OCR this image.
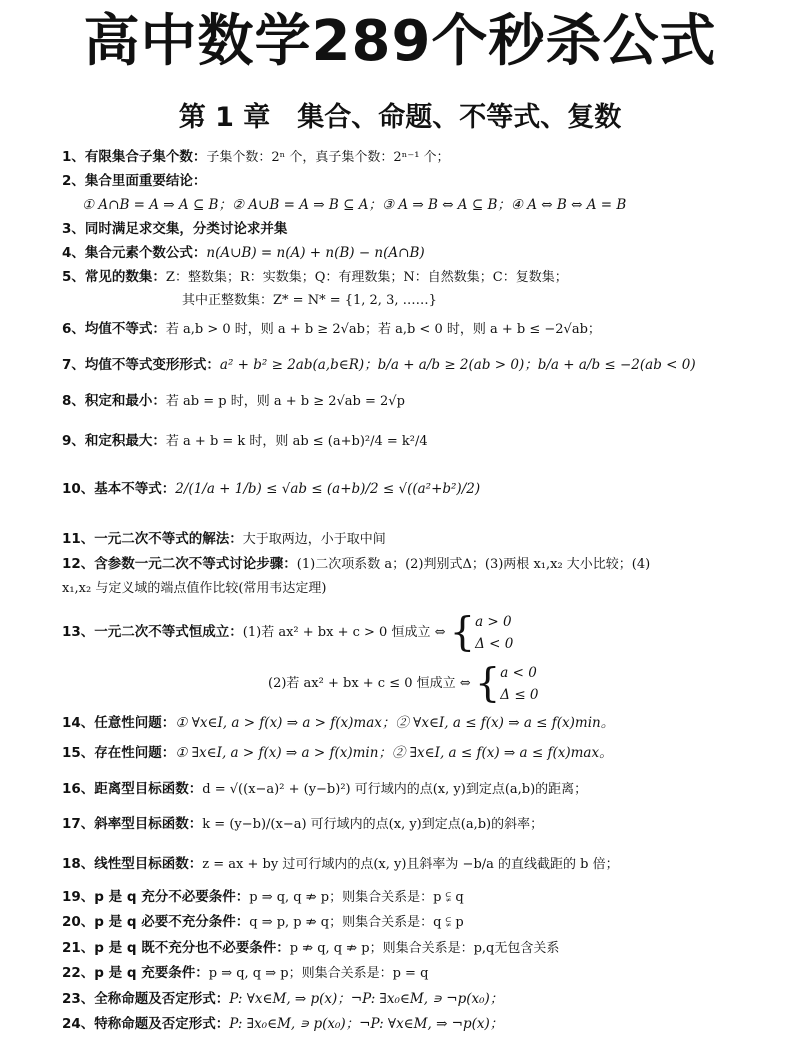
高中数学289个秒杀公式
第 1 章　集合、命题、不等式、复数
1、有限集合子集个数：子集个数：2ⁿ 个，真子集个数：2ⁿ⁻¹ 个；
2、集合里面重要结论：
① A∩B = A ⇒ A ⊆ B；② A∪B = A ⇒ B ⊆ A；③ A ⇒ B ⇔ A ⊆ B；④ A ⇔ B ⇔ A = B
3、同时满足求交集，分类讨论求并集
4、集合元素个数公式：n(A∪B) = n(A) + n(B) − n(A∩B)
5、常见的数集：Z：整数集；R：实数集；Q：有理数集；N：自然数集；C：复数集；
其中正整数集：Z* = N* = {1, 2, 3, ……}
6、均值不等式：若 a,b > 0 时，则 a + b ≥ 2√ab；若 a,b < 0 时，则 a + b ≤ −2√ab；
7、均值不等式变形形式：a² + b² ≥ 2ab(a,b∈R)；b/a + a/b ≥ 2(ab > 0)；b/a + a/b ≤ −2(ab < 0)
8、积定和最小：若 ab = p 时，则 a + b ≥ 2√ab = 2√p
9、和定积最大：若 a + b = k 时，则 ab ≤ (a+b)²/4 = k²/4
10、基本不等式：2/(1/a + 1/b) ≤ √ab ≤ (a+b)/2 ≤ √((a²+b²)/2)
11、一元二次不等式的解法：大于取两边，小于取中间
12、含参数一元二次不等式讨论步骤：(1)二次项系数 a；(2)判别式Δ；(3)两根 x₁,x₂ 大小比较；(4)
x₁,x₂ 与定义域的端点值作比较(常用韦达定理)
13、一元二次不等式恒成立：(1)若 ax² + bx + c > 0 恒成立 ⇔ { a > 0
Δ < 0
(2)若 ax² + bx + c ≤ 0 恒成立 ⇔ { a < 0
Δ ≤ 0
14、任意性问题：① ∀x∈I, a > f(x) ⇒ a > f(x)max；② ∀x∈I, a ≤ f(x) ⇒ a ≤ f(x)min。
15、存在性问题：① ∃x∈I, a > f(x) ⇒ a > f(x)min；② ∃x∈I, a ≤ f(x) ⇒ a ≤ f(x)max。
16、距离型目标函数：d = √((x−a)² + (y−b)²) 可行域内的点(x, y)到定点(a,b)的距离；
17、斜率型目标函数：k = (y−b)/(x−a) 可行域内的点(x, y)到定点(a,b)的斜率；
18、线性型目标函数：z = ax + by 过可行域内的点(x, y)且斜率为 −b/a 的直线截距的 b 倍；
19、p 是 q 充分不必要条件：p ⇒ q, q ⇏ p；则集合关系是：p ⫋ q
20、p 是 q 必要不充分条件：q ⇒ p, p ⇏ q；则集合关系是：q ⫋ p
21、p 是 q 既不充分也不必要条件：p ⇏ q, q ⇏ p；则集合关系是：p,q无包含关系
22、p 是 q 充要条件：p ⇒ q, q ⇒ p；则集合关系是：p = q
23、全称命题及否定形式：P: ∀x∈M, ⇒ p(x)；¬P: ∃x₀∈M, ∍ ¬p(x₀)；
24、特称命题及否定形式：P: ∃x₀∈M, ∍ p(x₀)；¬P: ∀x∈M, ⇒ ¬p(x)；
